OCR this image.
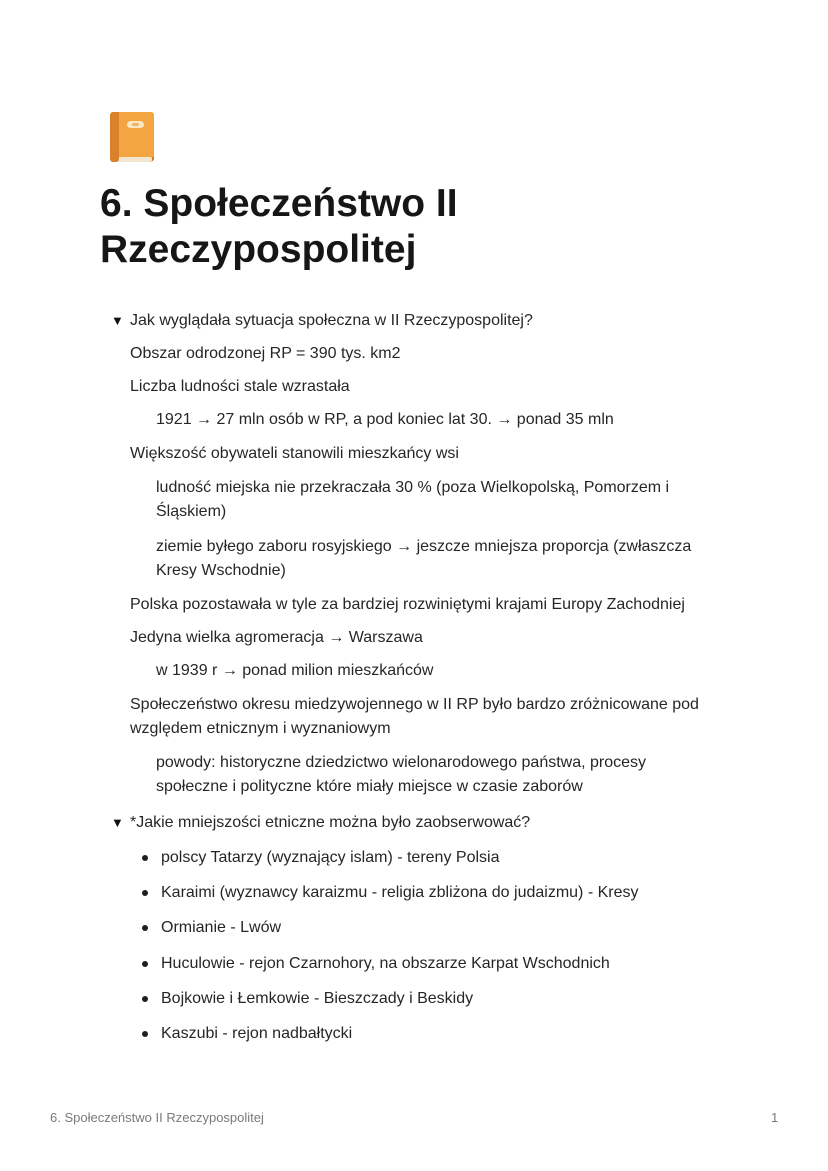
6. Społeczeństwo II Rzeczypospolitej
▼ Jak wyglądała sytuacja społeczna w II Rzeczypospolitej?
Obszar odrodzonej RP = 390 tys. km2
Liczba ludności stale wzrastała
1921 → 27 mln osób w RP, a pod koniec lat 30. → ponad 35 mln
Większość obywateli stanowili mieszkańcy wsi
ludność miejska nie przekraczała 30 % (poza Wielkopolską, Pomorzem i Śląskiem)
ziemie byłego zaboru rosyjskiego → jeszcze mniejsza proporcja (zwłaszcza Kresy Wschodnie)
Polska pozostawała w tyle za bardziej rozwiniętymi krajami Europy Zachodniej
Jedyna wielka agromeracja → Warszawa
w 1939 r → ponad milion mieszkańców
Społeczeństwo okresu miedzywojennego w II RP było bardzo zróżnicowane pod względem etnicznym i wyznaniowym
powody: historyczne dziedzictwo wielonarodowego państwa, procesy społeczne i polityczne które miały miejsce w czasie zaborów
▼ *Jakie mniejszości etniczne można było zaobserwować?
polscy Tatarzy (wyznający islam) - tereny Polsia
Karaimi (wyznawcy karaizmu - religia zbliżona do judaizmu) - Kresy
Ormianie - Lwów
Huculowie - rejon Czarnohory, na obszarze Karpat Wschodnich
Bojkowie i Łemkowie - Bieszczady i Beskidy
Kaszubi - rejon nadbałtycki
6. Społeczeństwo II Rzeczypospolitej	1
